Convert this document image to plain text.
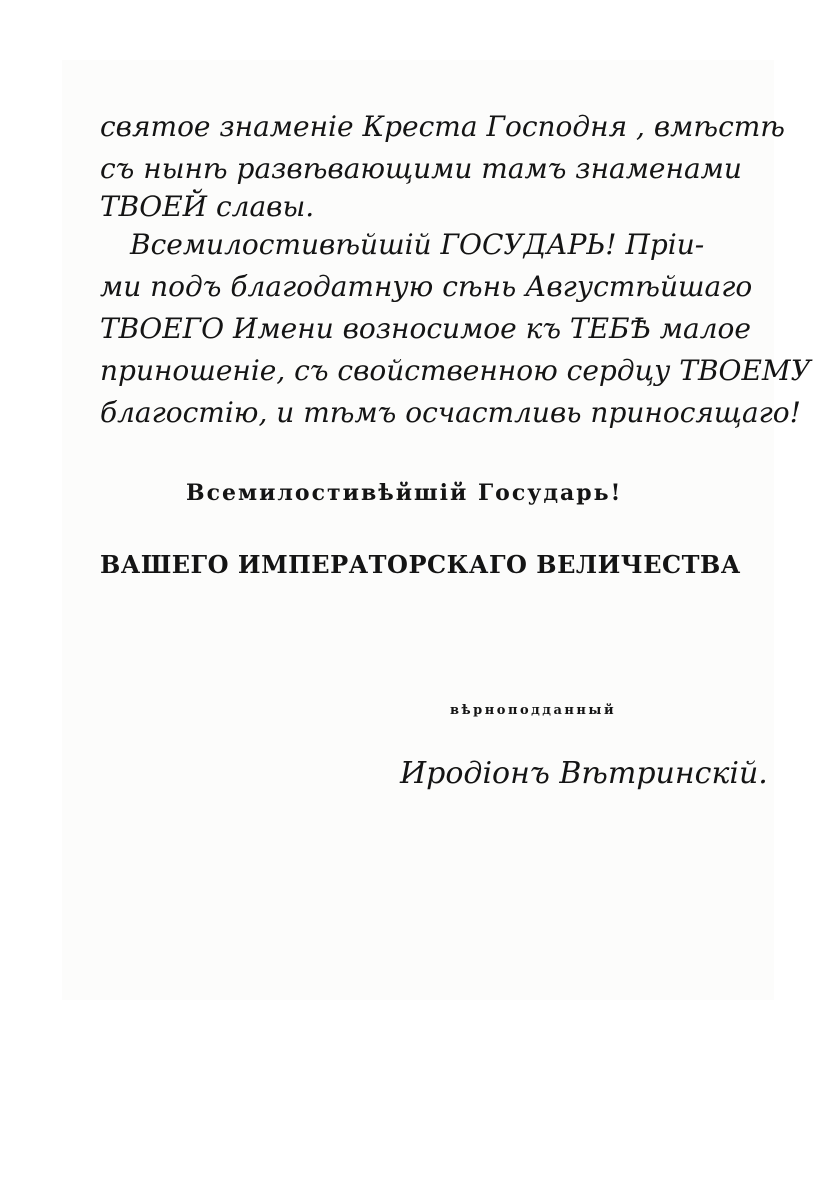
святое знаменіе Креста Господня , вмѣстѣ
съ нынѣ развѣвающими тамъ знаменами
ТВОЕЙ славы.
Всемилостивѣйшій ГОСУДАРЬ! Пріи-
ми подъ благодатную сѣнь Августѣйшаго
ТВОЕГО Имени возносимое къ ТЕБѢ малое
приношеніе, съ свойственною сердцу ТВОЕМУ
благостію, и тѣмъ осчастливь приносящаго!
Всемилостивѣйшій Государь!
ВАШЕГО ИМПЕРАТОРСКАГО ВЕЛИЧЕСТВА
вѣрноподданный
Иродіонъ Вѣтринскій.
